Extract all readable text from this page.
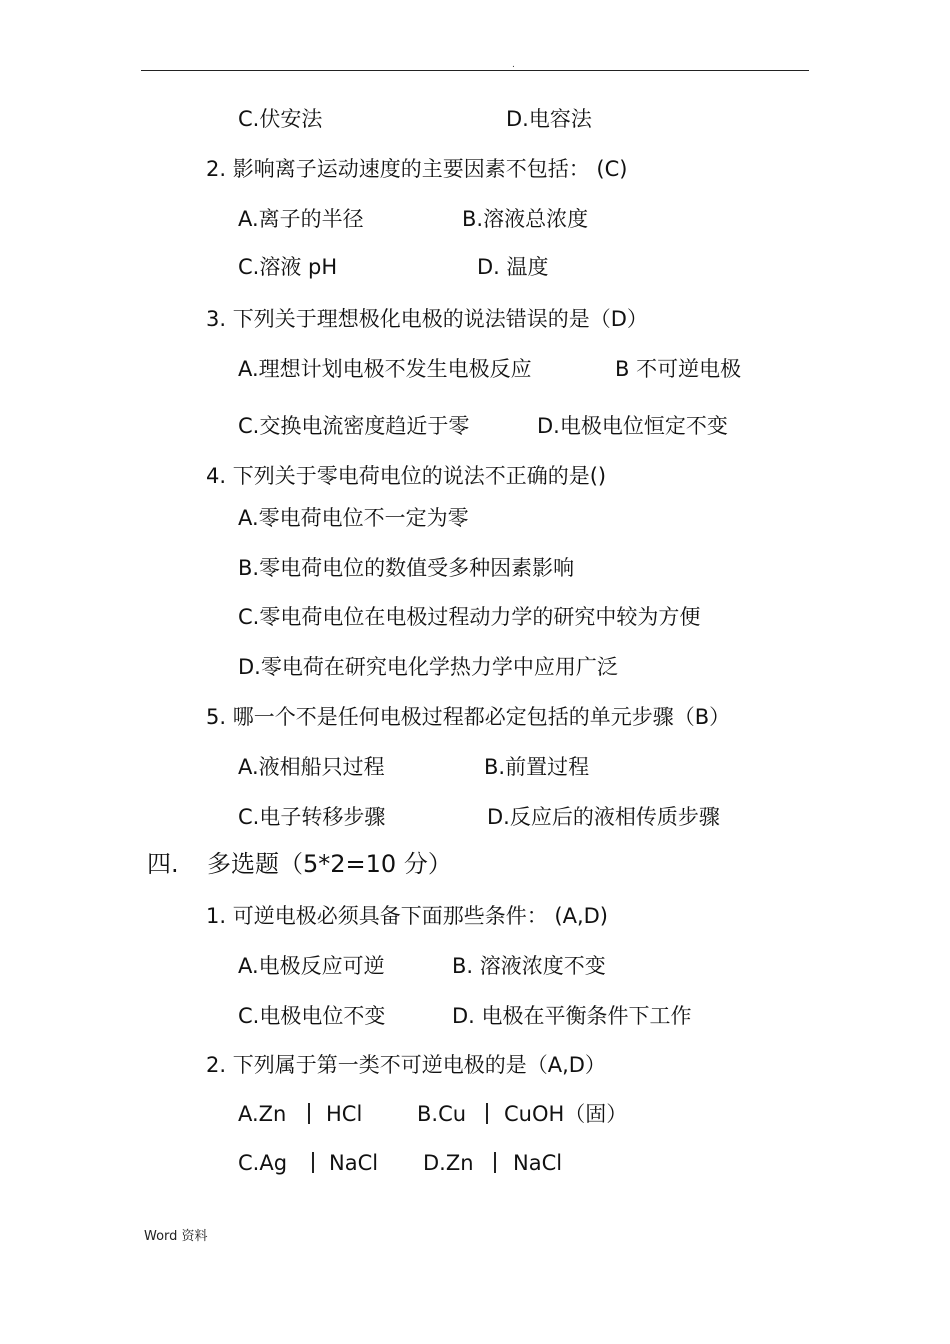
.
C.伏安法	D.电容法
2. 影响离子运动速度的主要因素不包括： (C)
A.离子的半径	B.溶液总浓度
C.溶液 pH	D. 温度
3. 下列关于理想极化电极的说法错误的是（D）
A.理想计划电极不发生电极反应	B 不可逆电极
C.交换电流密度趋近于零	D.电极电位恒定不变
4. 下列关于零电荷电位的说法不正确的是()
A.零电荷电位不一定为零
B.零电荷电位的数值受多种因素影响
C.零电荷电位在电极过程动力学的研究中较为方便
D.零电荷在研究电化学热力学中应用广泛
5. 哪一个不是任何电极过程都必定包括的单元步骤（B）
A.液相船只过程	B.前置过程
C.电子转移步骤	D.反应后的液相传质步骤
四. 多选题（5*2=10 分）
1. 可逆电极必须具备下面那些条件： (A,D)
A.电极反应可逆	B. 溶液浓度不变
C.电极电位不变	D. 电极在平衡条件下工作
2. 下列属于第一类不可逆电极的是（A,D）
A.Zn HCl	B.Cu CuOH（固）
C.Ag NaCl D.Zn NaCl
Word 资料
